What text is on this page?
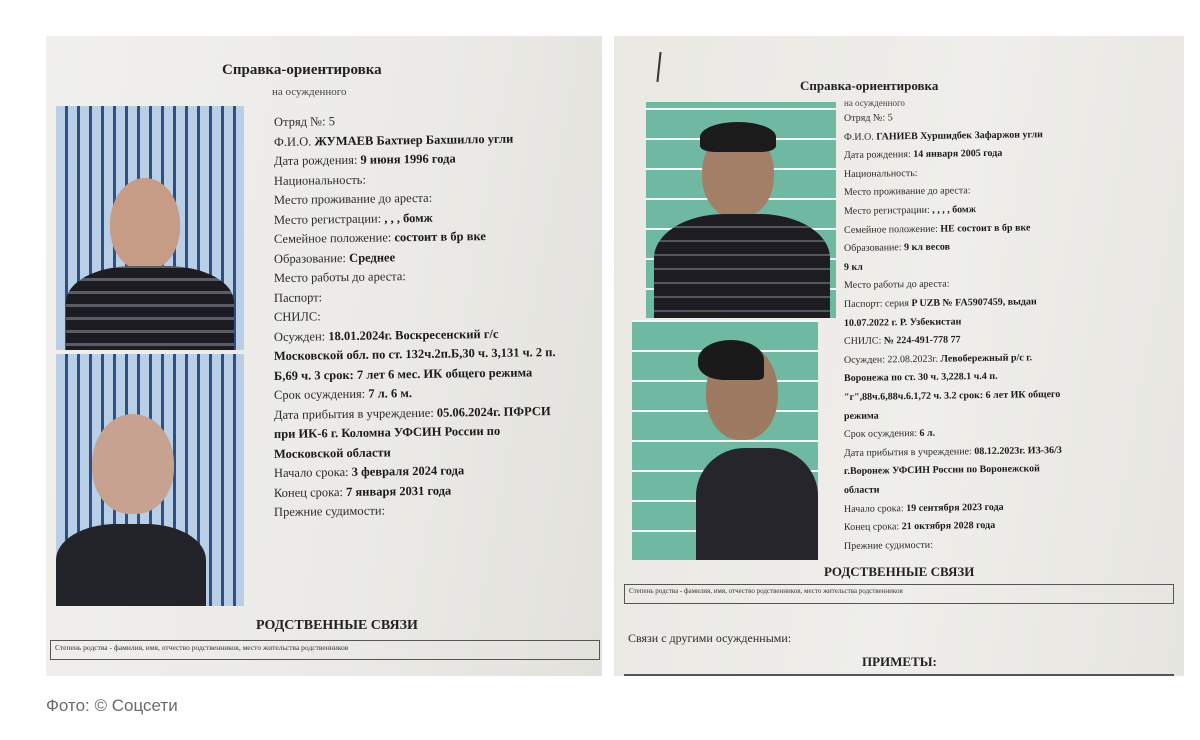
Справка-ориентировка
на осужденного
Отряд №: 5
Ф.И.О. ЖУМАЕВ Бахтиер Бахшилло угли
Дата рождения: 9 июня 1996 года
Национальность:
Место проживание до ареста:
Место регистрации: , , , бомж
Семейное положение: состоит в бр вке
Образование: Среднее
Место работы до ареста:
Паспорт:
СНИЛС:
Осужден: 18.01.2024г. Воскресенский г/с
Московской обл. по ст. 132ч.2п.Б,30 ч. 3,131 ч. 2 п.
Б,69 ч. 3 срок: 7 лет 6 мес. ИК общего режима
Срок осуждения: 7 л. 6 м.
Дата прибытия в учреждение: 05.06.2024г. ПФРСИ
при ИК-6 г. Коломна УФСИН России по
Московской области
Начало срока: 3 февраля 2024 года
Конец срока: 7 января 2031 года
Прежние судимости:
РОДСТВЕННЫЕ СВЯЗИ
Степень родства - фамилия, имя, отчество родственников, место жительства родственников
Справка-ориентировка
на осужденного
Отряд №: 5
Ф.И.О. ГАНИЕВ Хуршидбек Зафаржон угли
Дата рождения: 14 января 2005 года
Национальность:
Место проживание до ареста:
Место регистрации: , , , , бомж
Семейное положение: НЕ состоит в бр вке
Образование: 9 кл весов
9 кл
Место работы до ареста:
Паспорт: серия P UZB № FA5907459, выдан
10.07.2022 г. Р. Узбекистан
СНИЛС: № 224-491-778 77
Осужден: 22.08.2023г. Левобережный р/с г.
Воронежа по ст. 30 ч. 3,228.1 ч.4 п.
"г",88ч.6,88ч.6.1,72 ч. 3.2 срок: 6 лет ИК общего
режима
Срок осуждения: 6 л.
Дата прибытия в учреждение: 08.12.2023г. ИЗ-36/3
г.Воронеж УФСИН России по Воронежской
области
Начало срока: 19 сентября 2023 года
Конец срока: 21 октября 2028 года
Прежние судимости:
РОДСТВЕННЫЕ СВЯЗИ
Степень родства - фамилия, имя, отчество родственников, место жительства родственников
Связи с другими осужденными:
ПРИМЕТЫ:
Фото: © Соцсети
